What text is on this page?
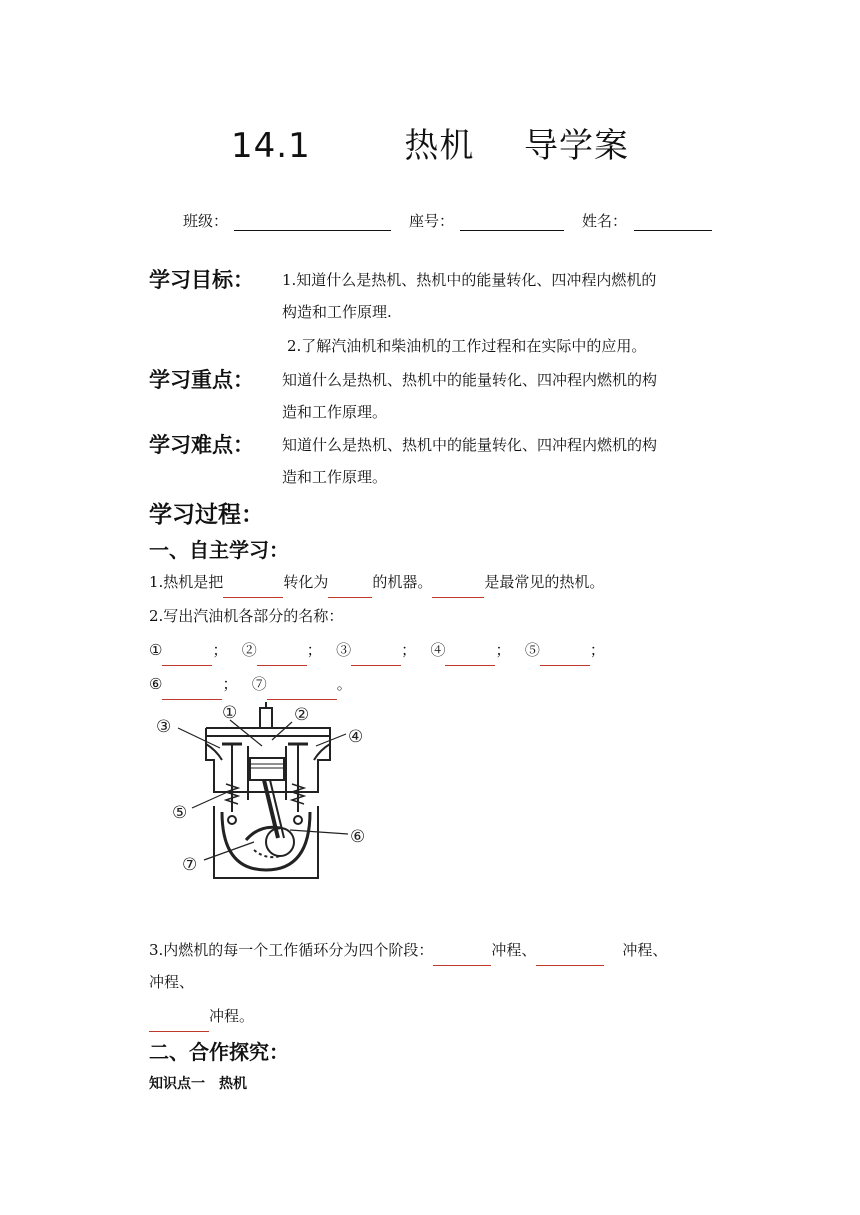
14.1	热机 导学案
班级：	座号：	姓名：
学习目标： 1.知道什么是热机、热机中的能量转化、四冲程内燃机的
构造和工作原理.
2.了解汽油机和柴油机的工作过程和在实际中的应用。
学习重点： 知道什么是热机、热机中的能量转化、四冲程内燃机的构
造和工作原理。
学习难点： 知道什么是热机、热机中的能量转化、四冲程内燃机的构
造和工作原理。
学习过程：
一、自主学习：
1.热机是把	转化为	的机器。	是最常见的热机。
2.写出汽油机各部分的名称：
①	； ②	； ③	； ④	； ⑤	；
⑥	； ⑦	。
①	②
③	④
⑤
⑥
⑦
3.内燃机的每一个工作循环分为四个阶段：	冲程、	冲程、
冲程、
冲程。
二、合作探究：
知识点一　热机
